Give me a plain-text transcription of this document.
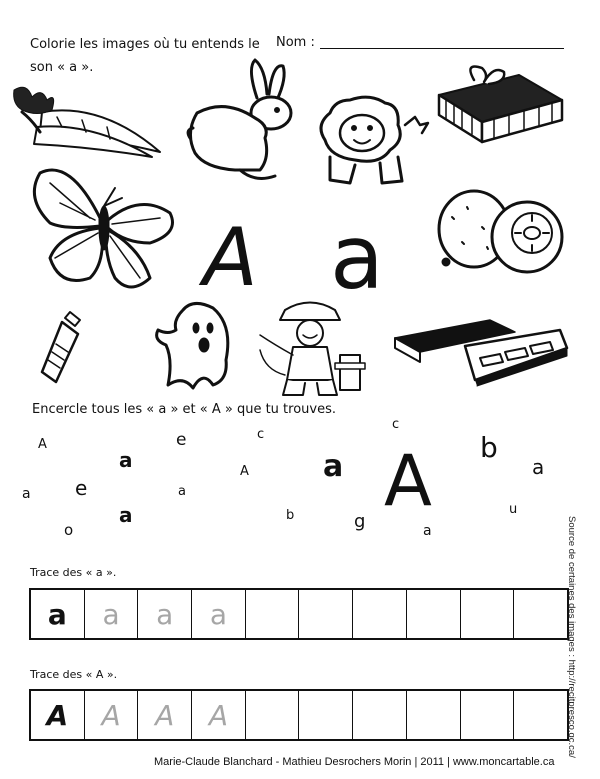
Colorie les images où tu entends le
son « a ».
Nom :
A a
Encercle tous les « a » et « A » que tu trouves.
A	e	c
c
b
a	a
A	a
a	A
e
a	b	g
u
o	a
a
Trace des « a ».
a	a	a	a
Trace des « A ».
A	A	A	A
Marie-Claude Blanchard - Mathieu Desrochers Morin | 2011 | www.moncartable.ca
Source de certaines des images : http://recitpresco.qc.ca/
